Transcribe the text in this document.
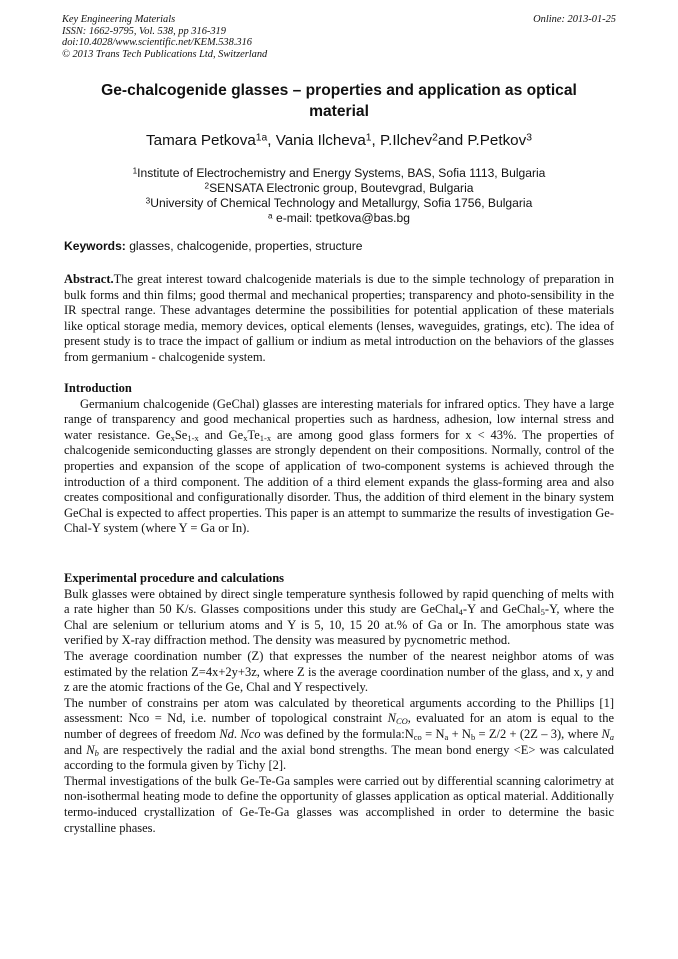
Key Engineering Materials
ISSN: 1662-9795, Vol. 538, pp 316-319
doi:10.4028/www.scientific.net/KEM.538.316
© 2013 Trans Tech Publications Ltd, Switzerland
Online: 2013-01-25
Ge-chalcogenide glasses – properties and application as optical material
Tamara Petkova$^{1a}$, Vania Ilcheva$^1$, P.Ilchev$^2$and P.Petkov$^3$
$^1$Institute of Electrochemistry and Energy Systems, BAS, Sofia 1113, Bulgaria
$^2$SENSATA Electronic group, Boutevgrad, Bulgaria
$^3$University of Chemical Technology and Metallurgy, Sofia 1756, Bulgaria
$^a$ e-mail: tpetkova@bas.bg
Keywords: glasses, chalcogenide, properties, structure

Abstract.The great interest toward chalcogenide materials is due to the simple technology of preparation in bulk forms and thin films; good thermal and mechanical properties; transparency and photo-sensibility in the IR spectral range. These advantages determine the possibilities for potential application of these materials like optical storage media, memory devices, optical elements (lenses, waveguides, gratings, etc). The idea of present study is to trace the impact of gallium or indium as metal introduction on the behaviors of the glasses from germanium - chalcogenide system.

Introduction

Germanium chalcogenide (GeChal) glasses are interesting materials for infrared optics. They have a large range of transparency and good mechanical properties such as hardness, adhesion, low internal stress and water resistance. $Ge_xSe_{1-x}$ and $Ge_xTe_{1-x}$ are among good glass formers for x < 43%. The properties of chalcogenide semiconducting glasses are strongly dependent on their compositions. Normally, control of the properties and expansion of the scope of application of two-component systems is achieved through the introduction of a third component. The addition of a third element expands the glass-forming area and also creates compositional and configurationally disorder. Thus, the addition of third element in the binary system GeChal is expected to affect properties. This paper is an attempt to summarize the results of investigation Ge-Chal-Y system (where Y = Ga or In).

Experimental procedure and calculations

Bulk glasses were obtained by direct single temperature synthesis followed by rapid quenching of melts with a rate higher than 50 K/s. Glasses compositions under this study are GeChal$_4$-Y and GeChal$_5$-Y, where the Chal are selenium or tellurium atoms and Y is 5, 10, 15 20 at.% of Ga or In. The amorphous state was verified by X-ray diffraction method. The density was measured by pycnometric method.

The average coordination number (Z) that expresses the number of the nearest neighbor atoms of was estimated by the relation Z=4x+2y+3z, where Z is the average coordination number of the glass, and x, y and z are the atomic fractions of the Ge, Chal and Y respectively.

The number of constrains per atom was calculated by theoretical arguments according to the Phillips [1] assessment: Nco = Nd, i.e. number of topological constraint $N_{CO}$, evaluated for an atom is equal to the number of degrees of freedom Nd. Nco was defined by the $formula:N_{co} = N_a + N_b = Z/2 + (2Z - 3)$, where $N_a$ and $N_b$ are respectively the radial and the axial bond strengths. The mean bond energy <E> was calculated according to the formula given by Tichy [2].

Thermal investigations of the bulk Ge-Te-Ga samples were carried out by differential scanning calorimetry at non-isothermal heating mode to define the opportunity of glasses application as optical material. Additionally termo-induced crystallization of Ge-Te-Ga glasses was accomplished in order to determine the basic crystalline phases.
